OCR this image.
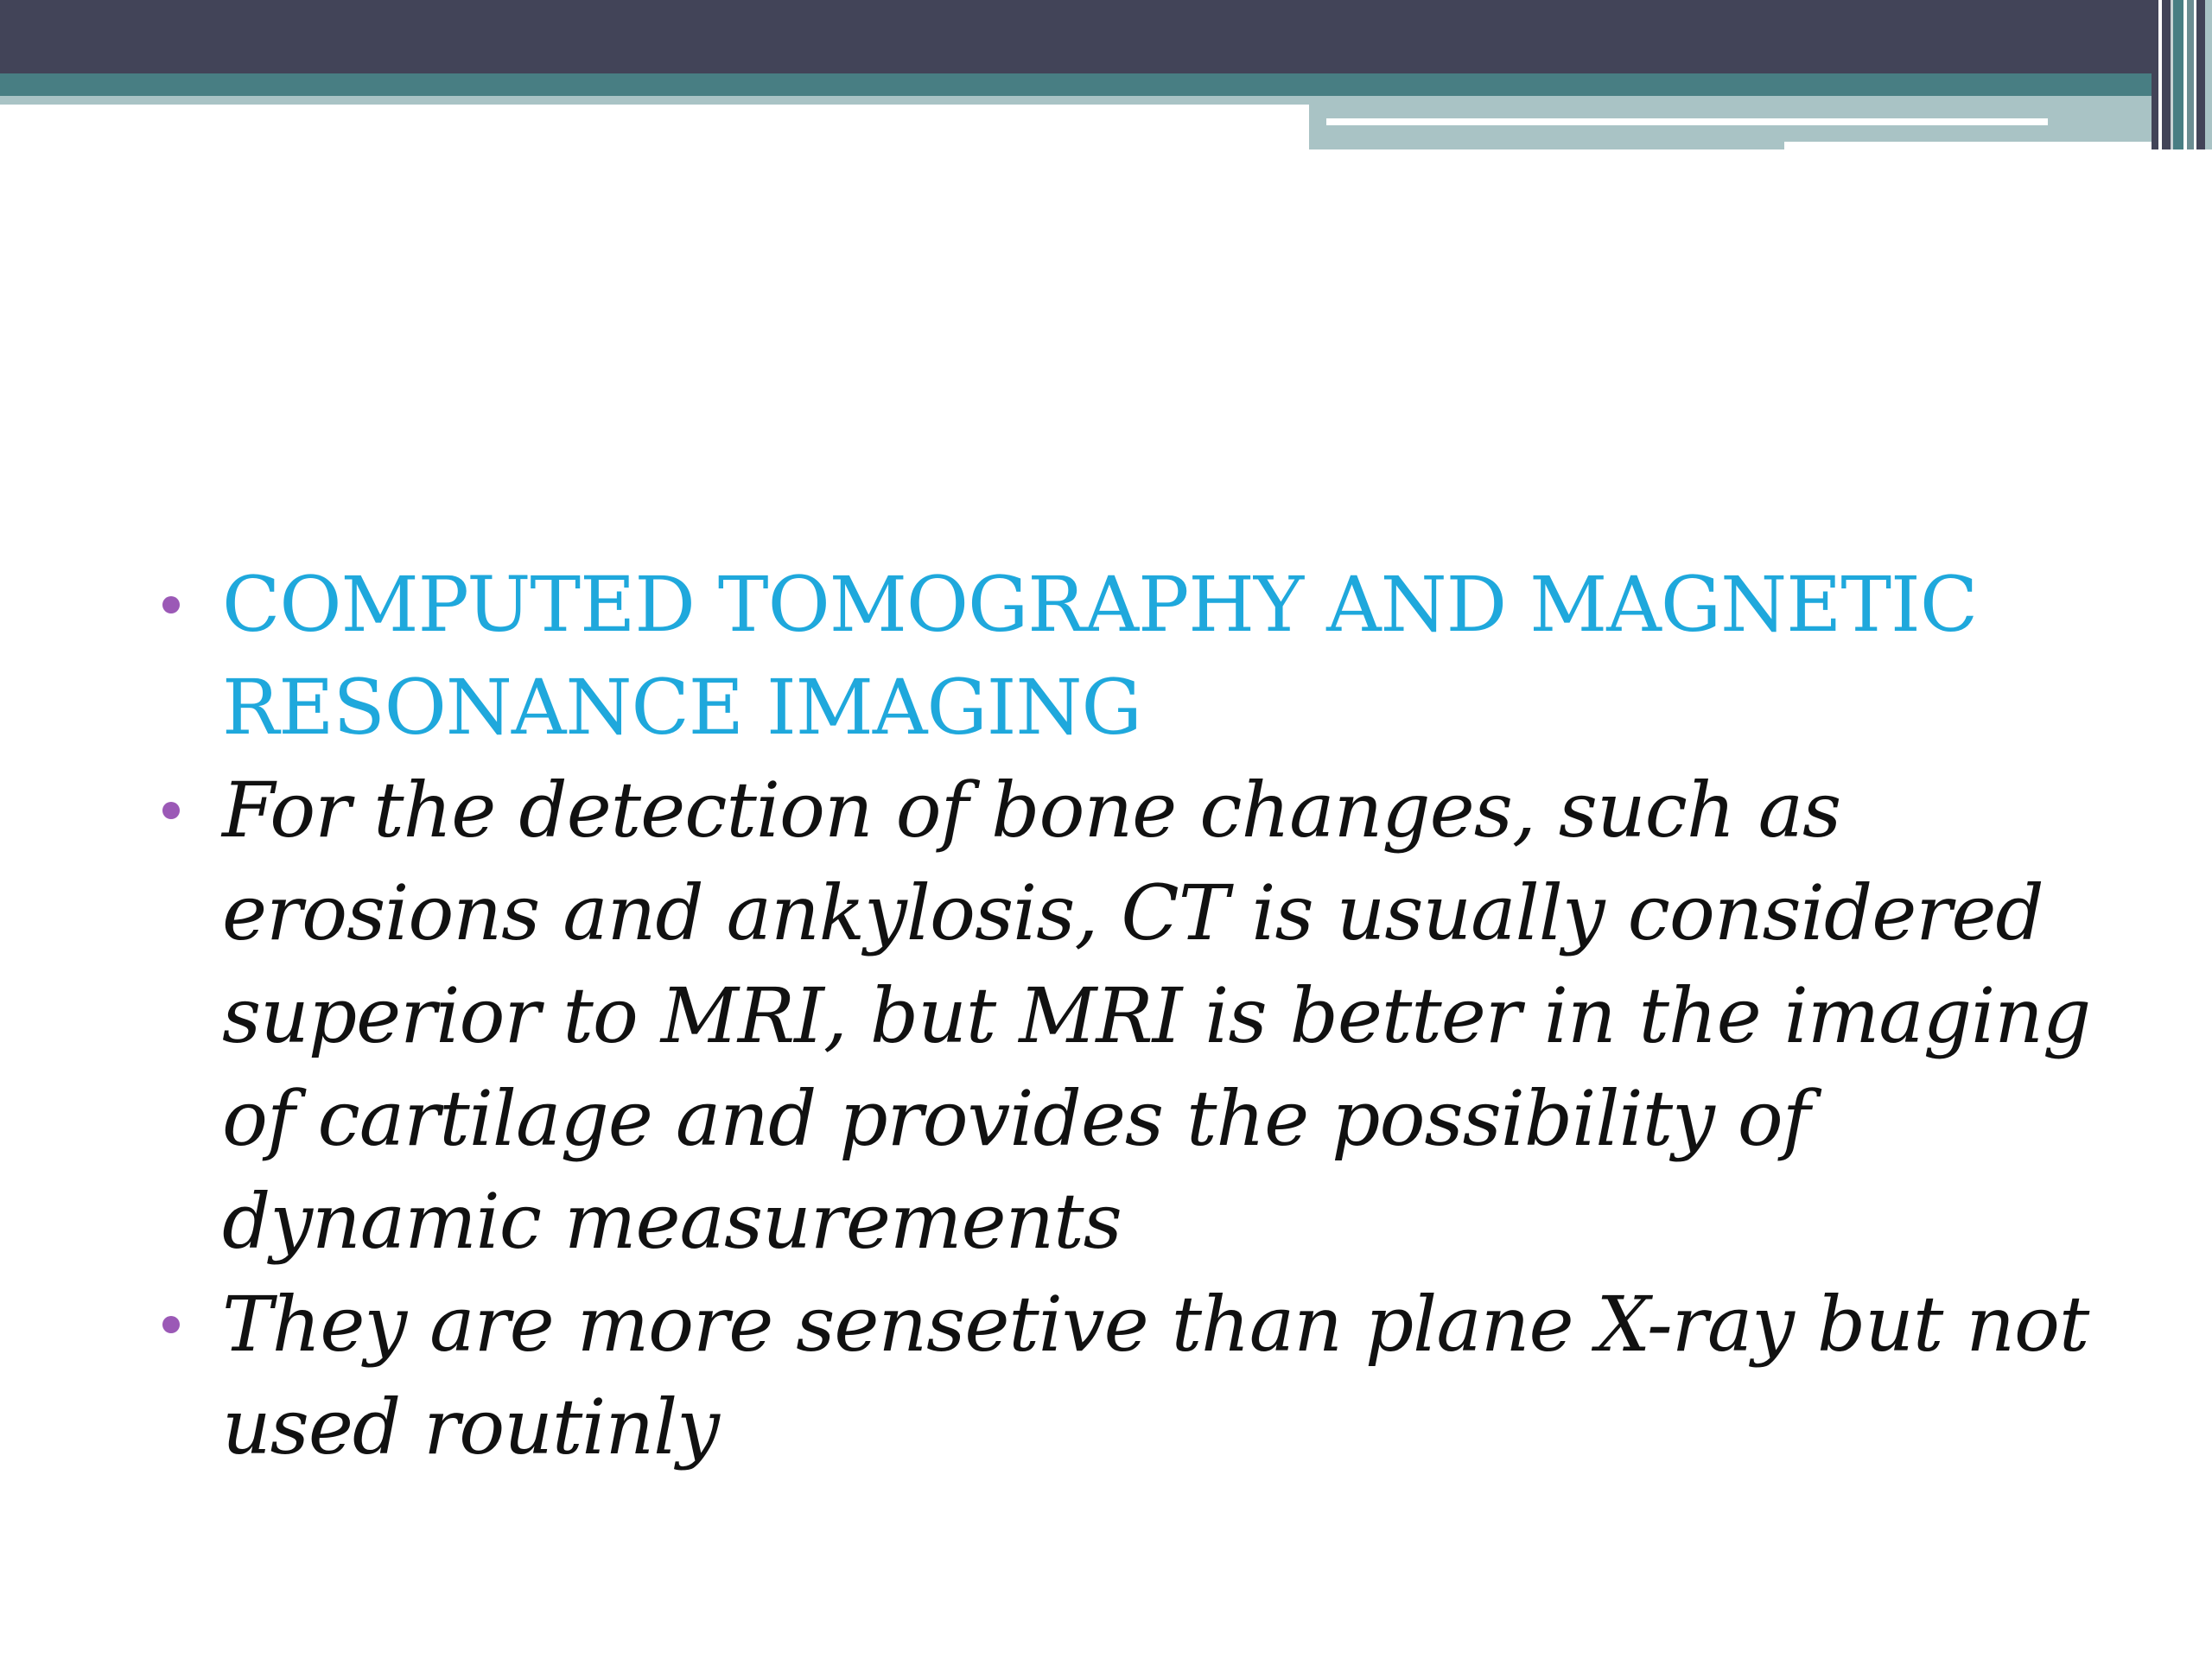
COMPUTED TOMOGRAPHY AND MAGNETIC RESONANCE IMAGING
For the detection of bone changes, such as erosions and ankylosis, CT is usually considered superior to MRI, but MRI is better in the imaging of cartilage and provides the possibility of dynamic measurements
They are more sensetive than plane X-ray but not used routinly
